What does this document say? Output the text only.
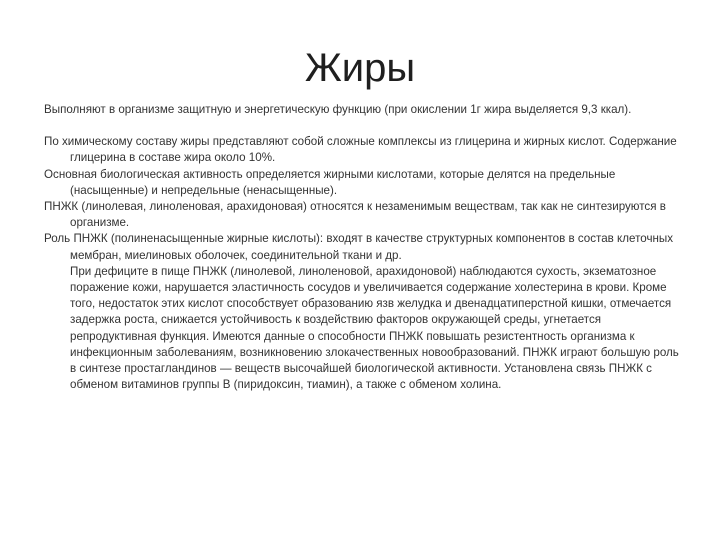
Жиры

Выполняют в организме защитную и энергетическую функцию (при окислении 1г жира выделяется 9,3 ккал).

По химическому составу жиры представляют собой сложные комплексы из глицерина и жирных кислот. Содержание глицерина в составе жира около 10%.

Основная биологическая активность определяется жирными кислотами, которые делятся на предельные (насыщенные) и непредельные (ненасыщенные).

ПНЖК (линолевая, линоленовая, арахидоновая) относятся к незаменимым веществам, так как не синтезируются в организме.

Роль ПНЖК (полиненасыщенные жирные кислоты): входят в качестве структурных компонентов в состав клеточных мембран, миелиновых оболочек, соединительной ткани и др.
При дефиците в пище ПНЖК (линолевой, линоленовой, арахидоновой) наблюдаются сухость, экзематозное поражение кожи, нарушается эластичность сосудов и увеличивается содержание холестерина в крови. Кроме того, недостаток этих кислот способствует образованию язв желудка и двенадцатиперстной кишки, отмечается задержка роста, снижается устойчивость к воздействию факторов окружающей среды, угнетается репродуктивная функция. Имеются данные о способности ПНЖК повышать резистентность организма к инфекционным заболеваниям, возникновению злокачественных новообразований. ПНЖК играют большую роль в синтезе простагландинов — веществ высочайшей биологической активности. Установлена связь ПНЖК с обменом витаминов группы В (пиридоксин, тиамин), а также с обменом холина.
